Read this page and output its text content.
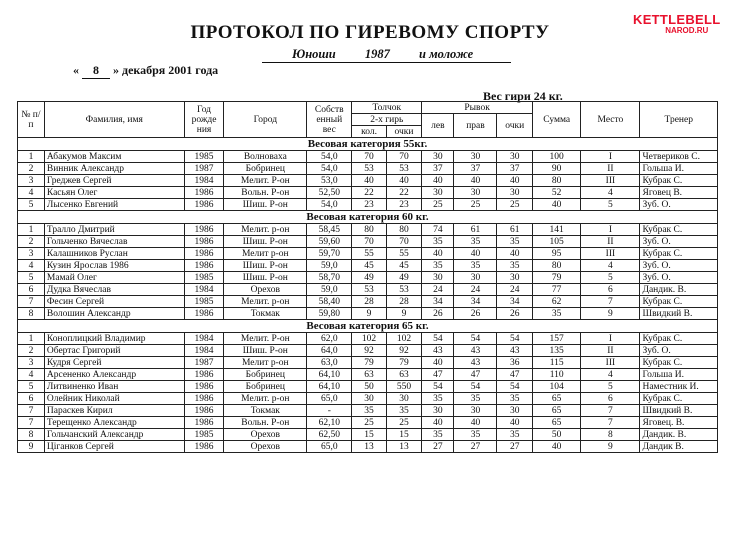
ПРОТОКОЛ ПО ГИРЕВОМУ СПОРТУ
Юноши 1987 и моложе
« 8 » декабря 2001 года
KETTLEBELL
NAROD.RU
Вес гири 24 кг.
№ п/п	Фамилия, имя	Год рожде ния	Город	Собств енный вес	Толчок		Рывок			Сумма	Место	Тренер
					2-х гирь		лев	прав	очки			
					кол.	очки						
Весовая категория 55кг.												
1	Абакумов Максим	1985	Волноваха	54,0	70	70	30	30	30	100	I	Четвериков С.
2	Винник Александр	1987	Бобринец	54,0	53	53	37	37	37	90	II	Гольша И.
3	Греджев Сергей	1984	Мелит. Р-он	53,0	40	40	40	40	40	80	III	Кубрак С.
4	Касьян Олег	1986	Вольн. Р-он	52,50	22	22	30	30	30	52	4	Яговец В.
5	Лысенко Евгений	1986	Шиш. Р-он	54,0	23	23	25	25	25	40	5	Зуб. О.
Весовая категория 60 кг.												
1	Тралло Дмитрий	1986	Мелит. р-он	58,45	80	80	74	61	61	141	I	Кубрак С.
2	Гольченко Вячеслав	1986	Шиш. Р-он	59,60	70	70	35	35	35	105	II	Зуб. О.
3	Калашников Руслан	1986	Мелит р-он	59,70	55	55	40	40	40	95	III	Кубрак С.
4	Кузин Ярослав 1986	1986	Шиш. Р-он	59,0	45	45	35	35	35	80	4	Зуб. О.
5	Мамай Олег	1985	Шиш. Р-он	58,70	49	49	30	30	30	79	5	Зуб. О.
6	Дудка Вячеслав	1984	Орехов	59,0	53	53	24	24	24	77	6	Дандик. В.
7	Фесин Сергей	1985	Мелит. р-он	58,40	28	28	34	34	34	62	7	Кубрак С.
8	Волошин Александр	1986	Токмак	59,80	9	9	26	26	26	35	9	Швидкий В.
Весовая категория 65 кг.												
1	Коноплицкий Владимир	1984	Мелит. Р-он	62,0	102	102	54	54	54	157	I	Кубрак С.
2	Обертас Григорий	1984	Шиш. Р-он	64,0	92	92	43	43	43	135	II	Зуб. О.
3	Кудря Сергей	1987	Мелит р-он	63,0	79	79	40	43	36	115	III	Кубрак С.
4	Арсененко Александр	1986	Бобринец	64,10	63	63	47	47	47	110	4	Гольша И.
5	Литвиненко Иван	1986	Бобринец	64,10	50	550	54	54	54	104	5	Наместник И.
6	Олейник Николай	1986	Мелит. р-он	65,0	30	30	35	35	35	65	6	Кубрак С.
7	Параскев Кирил	1986	Токмак	-	35	35	30	30	30	65	7	Швидкий В.
7	Терещенко Александр	1986	Вольн. Р-он	62,10	25	25	40	40	40	65	7	Яговец. В.
8	Гольчанский Александр	1985	Орехов	62,50	15	15	35	35	35	50	8	Дандик. В.
9	Цiганков Сергей	1986	Орехов	65,0	13	13	27	27	27	40	9	Дандик В.
